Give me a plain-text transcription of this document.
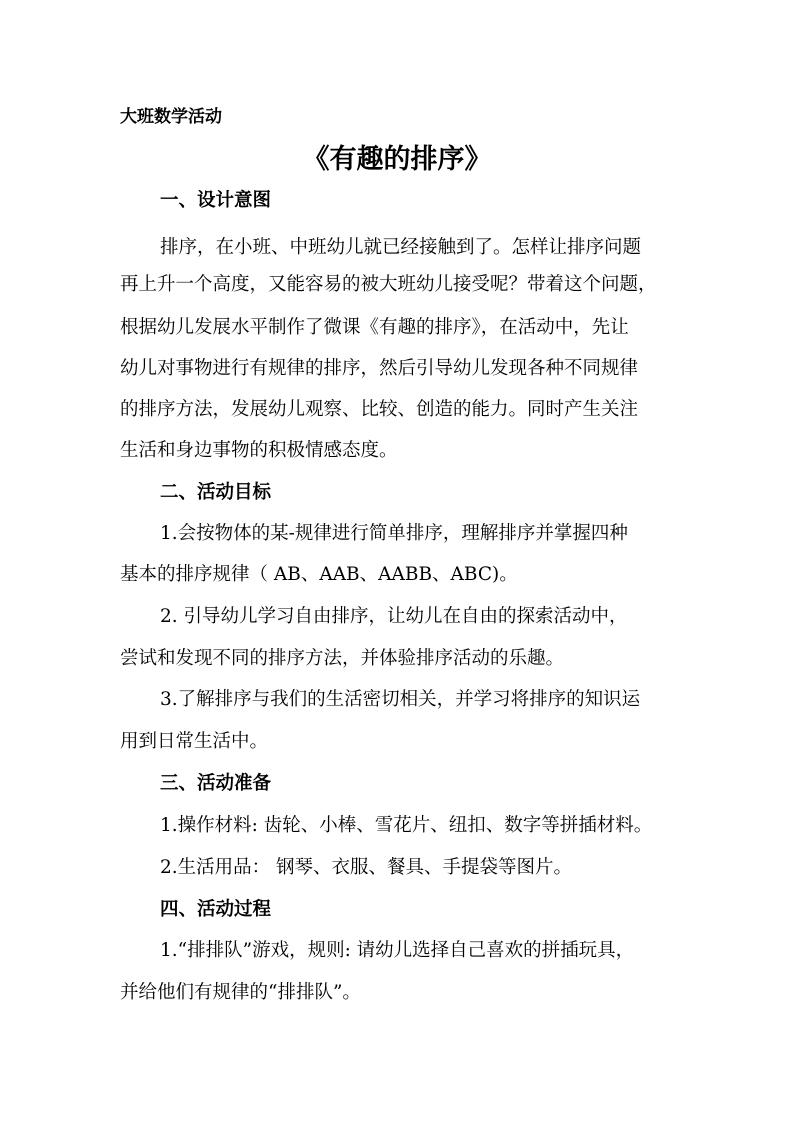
大班数学活动
《有趣的排序》
一、设计意图
排序，在小班、中班幼儿就已经接触到了。怎样让排序问题
再上升一个高度，又能容易的被大班幼儿接受呢？带着这个问题，
根据幼儿发展水平制作了微课《有趣的排序》，在活动中，先让
幼儿对事物进行有规律的排序，然后引导幼儿发现各种不同规律
的排序方法，发展幼儿观察、比较、创造的能力。同时产生关注
生活和身边事物的积极情感态度。
二、活动目标
1.会按物体的某-规律进行简单排序，理解排序并掌握四种
基本的排序规律（ AB、AAB、AABB、ABC)。
2. 引导幼儿学习自由排序，让幼儿在自由的探索活动中，
尝试和发现不同的排序方法，并体验排序活动的乐趣。
3.了解排序与我们的生活密切相关，并学习将排序的知识运
用到日常生活中。
三、活动准备
1.操作材料: 齿轮、小棒、雪花片、纽扣、数字等拼插材料。
2.生活用品： 钢琴、衣服、餐具、手提袋等图片。
四、活动过程
1.“排排队”游戏，规则: 请幼儿选择自己喜欢的拼插玩具，
并给他们有规律的“排排队”。
